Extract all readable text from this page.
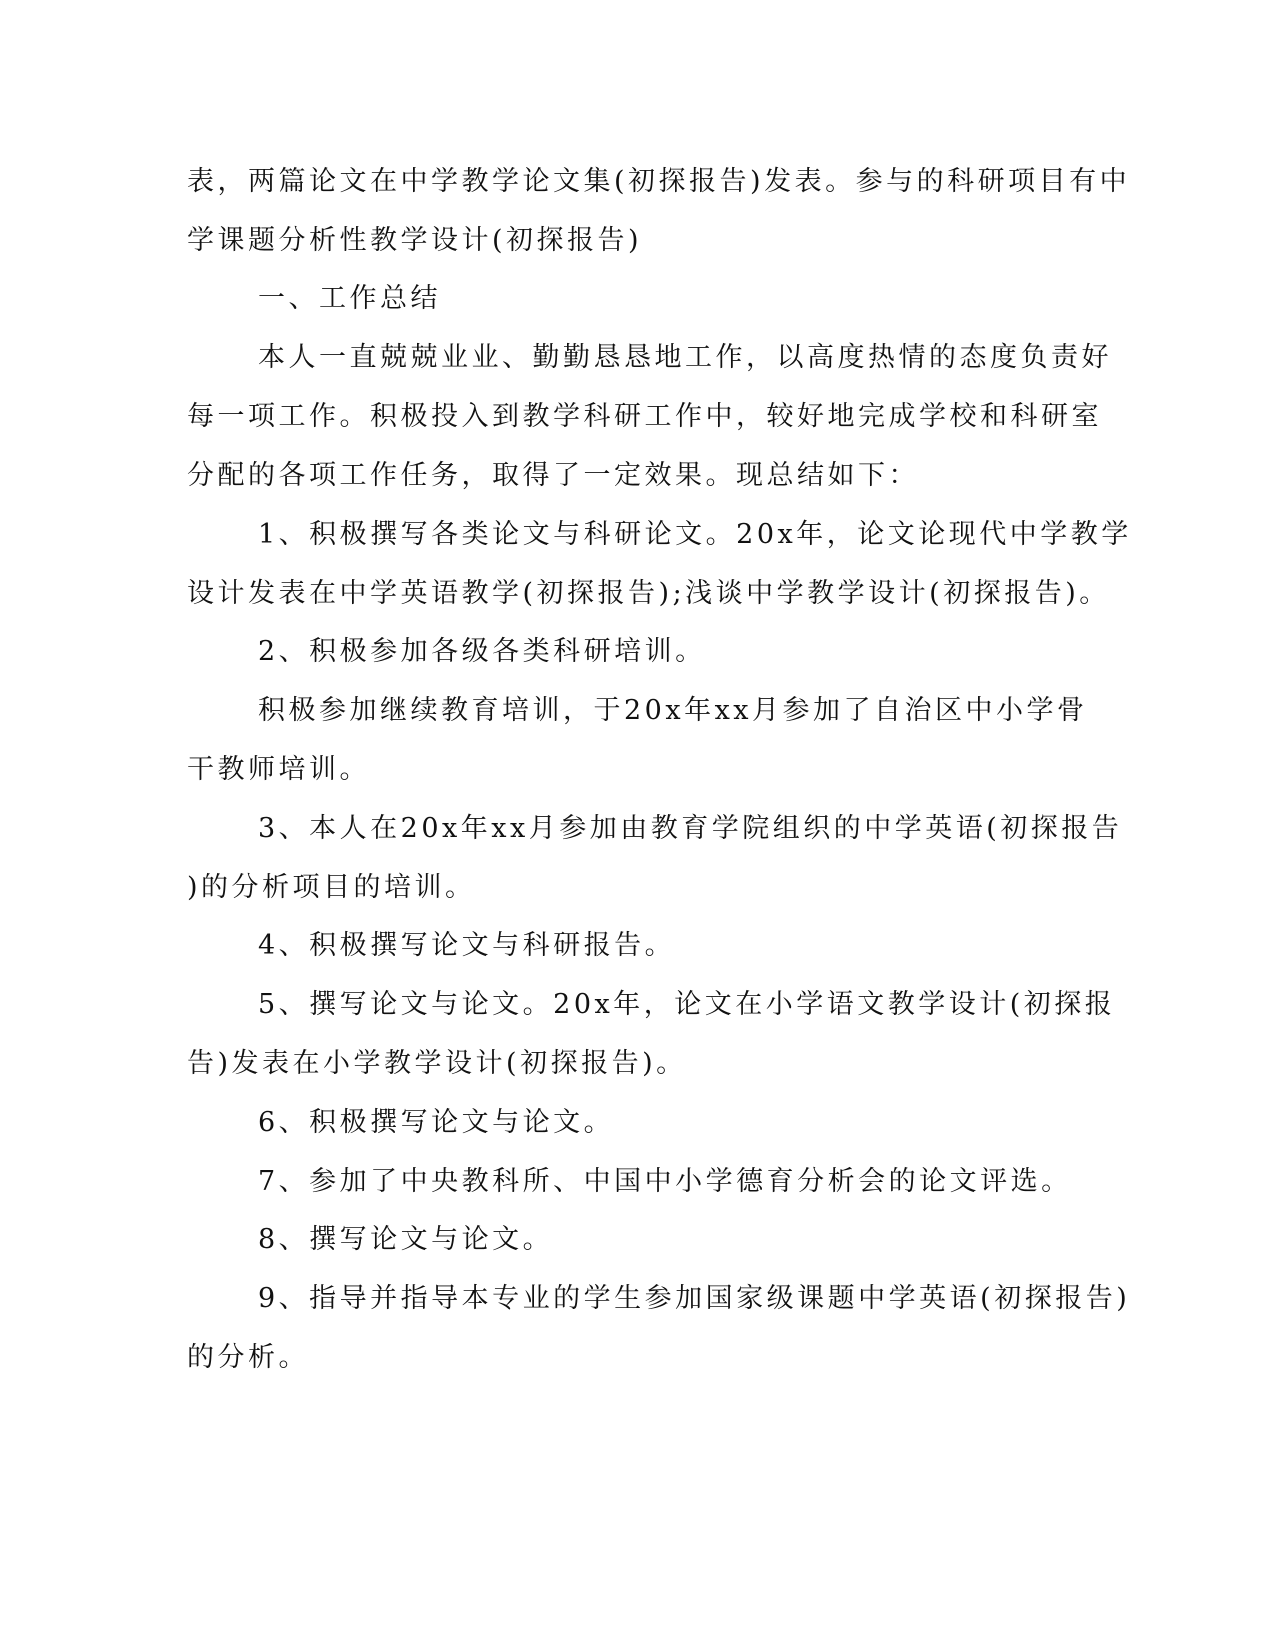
表，两篇论文在中学教学论文集(初探报告)发表。参与的科研项目有中
学课题分析性教学设计(初探报告)
一、工作总结
本人一直兢兢业业、勤勤恳恳地工作，以高度热情的态度负责好
每一项工作。积极投入到教学科研工作中，较好地完成学校和科研室
分配的各项工作任务，取得了一定效果。现总结如下：
1、积极撰写各类论文与科研论文。20x年，论文论现代中学教学
设计发表在中学英语教学(初探报告);浅谈中学教学设计(初探报告)。
2、积极参加各级各类科研培训。
积极参加继续教育培训，于20x年xx月参加了自治区中小学骨
干教师培训。
3、本人在20x年xx月参加由教育学院组织的中学英语(初探报告
)的分析项目的培训。
4、积极撰写论文与科研报告。
5、撰写论文与论文。20x年，论文在小学语文教学设计(初探报
告)发表在小学教学设计(初探报告)。
6、积极撰写论文与论文。
7、参加了中央教科所、中国中小学德育分析会的论文评选。
8、撰写论文与论文。
9、指导并指导本专业的学生参加国家级课题中学英语(初探报告)
的分析。
